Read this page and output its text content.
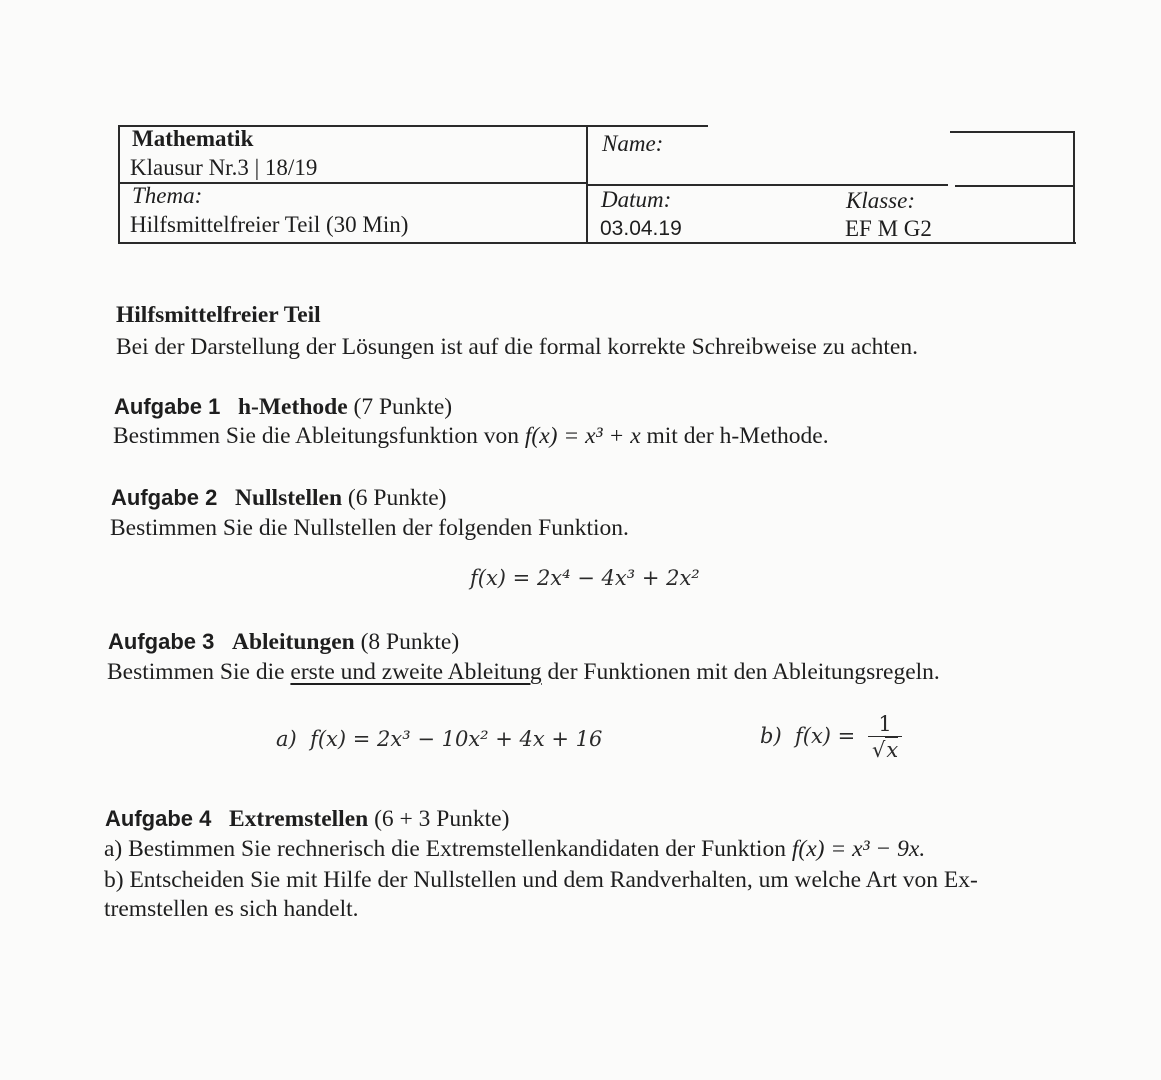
Mathematik
Klausur Nr.3 | 18/19
Thema:
Hilfsmittelfreier Teil (30 Min)
Name:
Datum:
03.04.19
Klasse:
EF M G2
Hilfsmittelfreier Teil
Bei der Darstellung der Lösungen ist auf die formal korrekte Schreibweise zu achten.
Aufgabe 1 h-Methode (7 Punkte)
Bestimmen Sie die Ableitungsfunktion von f(x) = x³ + x mit der h-Methode.
Aufgabe 2 Nullstellen (6 Punkte)
Bestimmen Sie die Nullstellen der folgenden Funktion.
f(x) = 2x⁴ − 4x³ + 2x²
Aufgabe 3 Ableitungen (8 Punkte)
Bestimmen Sie die erste und zweite Ableitung der Funktionen mit den Ableitungsregeln.
a) f(x) = 2x³ − 10x² + 4x + 16	b) $f(x) = \frac{1}{√x}$
Aufgabe 4 Extremstellen (6 + 3 Punkte)
a) Bestimmen Sie rechnerisch die Extremstellenkandidaten der Funktion f(x) = x³ − 9x.
b) Entscheiden Sie mit Hilfe der Nullstellen und dem Randverhalten, um welche Art von Ex-
tremstellen es sich handelt.
